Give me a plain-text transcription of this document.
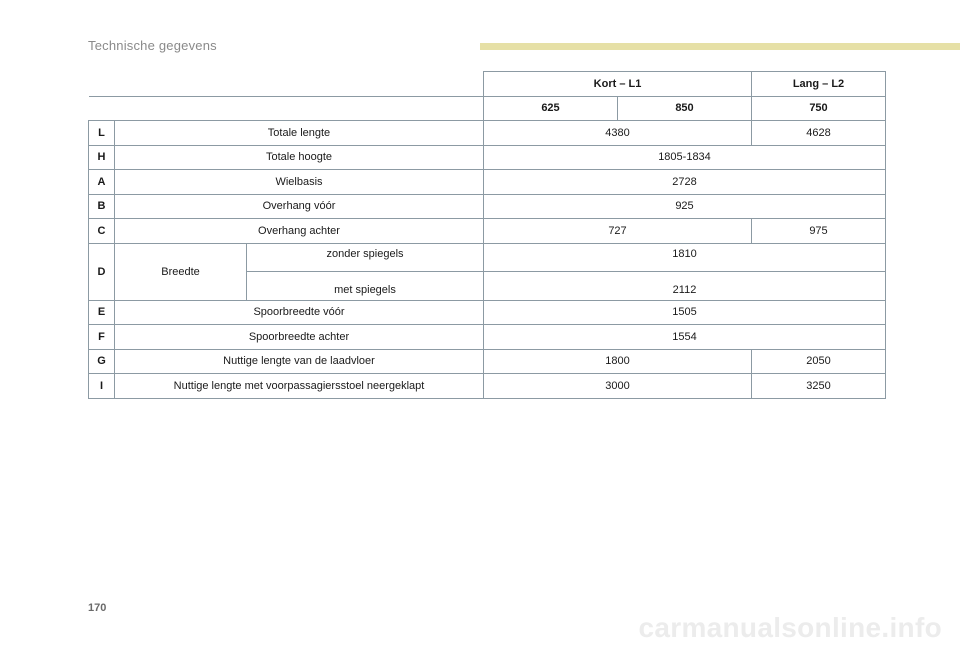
Technische gegevens
			Kort – L1		Lang – L2
			625	850	750
L	Totale lengte		4380		4628
H	Totale hoogte		1805-1834		
A	Wielbasis		2728		
B	Overhang vóór		925		
C	Overhang achter		727		975
D	Breedte	zonder spiegels	1810		
		met spiegels	2112		
E	Spoorbreedte vóór		1505		
F	Spoorbreedte achter		1554		
G	Nuttige lengte van de laadvloer		1800		2050
I	Nuttige lengte met voorpassagiersstoel neergeklapt		3000		3250
170
carmanualsonline.info
